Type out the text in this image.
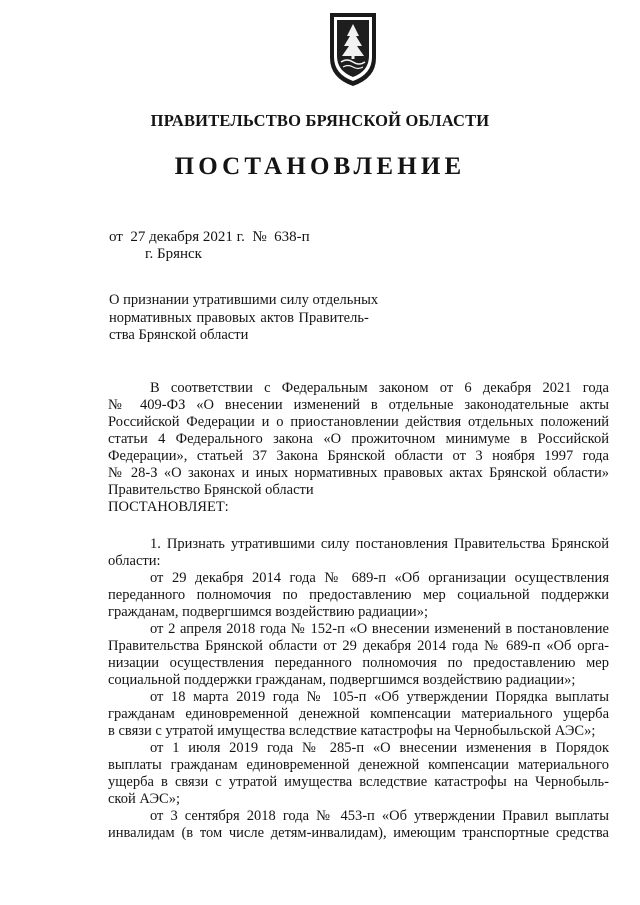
ПРАВИТЕЛЬСТВО БРЯНСКОЙ ОБЛАСТИ
ПОСТАНОВЛЕНИЕ
от  27 декабря 2021 г.  №  638-п
г. Брянск
О признании утратившими силу отдельных
нормативных правовых актов Правитель-
ства Брянской области
В соответствии с Федеральным законом от 6 декабря 2021 года
№ 409-ФЗ «О внесении изменений в отдельные законодательные акты
Российской Федерации и о приостановлении действия отдельных положений
статьи 4 Федерального закона «О прожиточном минимуме в Российской
Федерации», статьей 37 Закона Брянской области от 3 ноября 1997 года
№ 28-З «О законах и иных нормативных правовых актах Брянской области»
Правительство Брянской области
ПОСТАНОВЛЯЕТ:
1. Признать утратившими силу постановления Правительства Брянской
области:
от 29 декабря 2014 года № 689-п «Об организации осуществления
переданного полномочия по предоставлению мер социальной поддержки
гражданам, подвергшимся воздействию радиации»;
от 2 апреля 2018 года № 152-п «О внесении изменений в постановление
Правительства Брянской области от 29 декабря 2014 года № 689-п «Об орга-
низации осуществления переданного полномочия по предоставлению мер
социальной поддержки гражданам, подвергшимся воздействию радиации»;
от 18 марта 2019 года № 105-п «Об утверждении Порядка выплаты
гражданам единовременной денежной компенсации материального ущерба
в связи с утратой имущества вследствие катастрофы на Чернобыльской АЭС»;
от 1 июля 2019 года № 285-п «О внесении изменения в Порядок
выплаты гражданам единовременной денежной компенсации материального
ущерба в связи с утратой имущества вследствие катастрофы на Чернобыль-
ской АЭС»;
от 3 сентября 2018 года № 453-п «Об утверждении Правил выплаты
инвалидам (в том числе детям-инвалидам), имеющим транспортные средства
